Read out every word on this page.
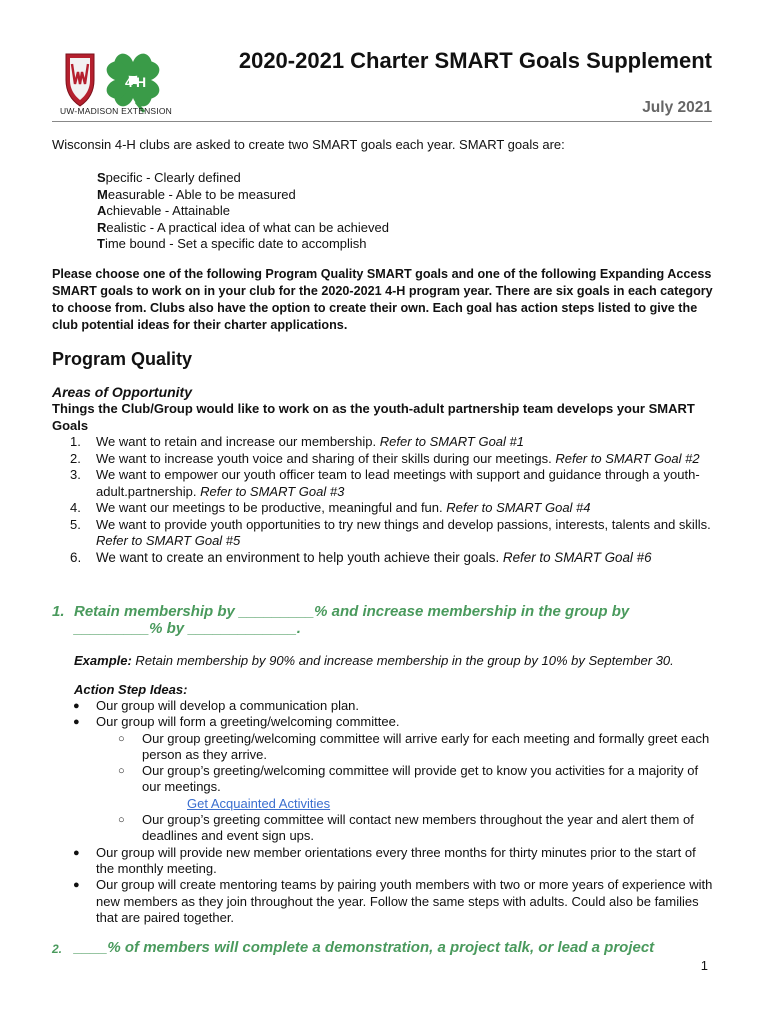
4 H
UW-MADISON EXTENSION
2020-2021 Charter SMART Goals Supplement
July 2021
Wisconsin 4-H clubs are asked to create two SMART goals each year. SMART goals are:
Specific - Clearly defined
Measurable - Able to be measured
Achievable - Attainable
Realistic - A practical idea of what can be achieved
Time bound - Set a specific date to accomplish
Please choose one of the following Program Quality SMART goals and one of the following Expanding Access SMART goals to work on in your club for the 2020-2021 4-H program year. There are six goals in each category to choose from. Clubs also have the option to create their own. Each goal has action steps listed to give the club potential ideas for their charter applications.
Program Quality
Areas of Opportunity
Things the Club/Group would like to work on as the youth-adult partnership team develops your SMART Goals
1. We want to retain and increase our membership. Refer to SMART Goal #1
2. We want to increase youth voice and sharing of their skills during our meetings. Refer to SMART Goal #2
3. We want to empower our youth officer team to lead meetings with support and guidance through a youth-adult.partnership. Refer to SMART Goal #3
4. We want our meetings to be productive, meaningful and fun. Refer to SMART Goal #4
5. We want to provide youth opportunities to try new things and develop passions, interests, talents and skills. Refer to SMART Goal #5
6. We want to create an environment to help youth achieve their goals. Refer to SMART Goal #6
1. Retain membership by _________% and increase membership in the group by _________% by _____________.
Example: Retain membership by 90% and increase membership in the group by 10% by September 30.
Action Step Ideas:
● Our group will develop a communication plan.
● Our group will form a greeting/welcoming committee.
○ Our group greeting/welcoming committee will arrive early for each meeting and formally greet each person as they arrive.
○ Our group’s greeting/welcoming committee will provide get to know you activities for a majority of our meetings.
Get Acquainted Activities
○ Our group’s greeting committee will contact new members throughout the year and alert them of deadlines and event sign ups.
● Our group will provide new member orientations every three months for thirty minutes prior to the start of the monthly meeting.
● Our group will create mentoring teams by pairing youth members with two or more years of experience with new members as they join throughout the year. Follow the same steps with adults. Could also be families that are paired together.
2. ____% of members will complete a demonstration, a project talk, or lead a project
1
